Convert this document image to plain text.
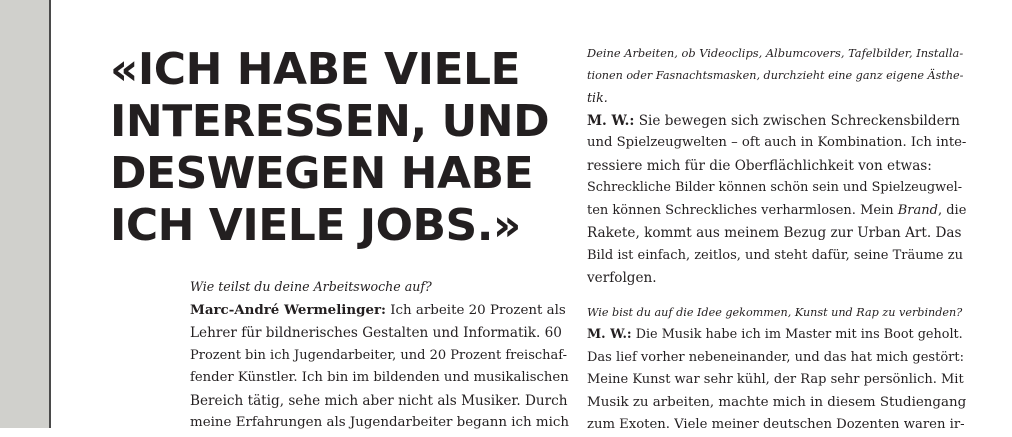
«ICH HABE VIELE
INTERESSEN, UND
DESWEGEN HABE
ICH VIELE JOBS.»
Wie teilst du deine Arbeitswoche auf?
Marc-André Wermelinger: Ich arbeite 20 Prozent als
Lehrer für bildnerisches Gestalten und Informatik. 60
Prozent bin ich Jugendarbeiter, und 20 Prozent freischaf-
fender Künstler. Ich bin im bildenden und musikalischen
Bereich tätig, sehe mich aber nicht als Musiker. Durch
meine Erfahrungen als Jugendarbeiter begann ich mich
Deine Arbeiten, ob Videoclips, Albumcovers, Tafelbilder, Installa-
tionen oder Fasnachtsmasken, durchzieht eine ganz eigene Ästhe-
tik.
M. W.: Sie bewegen sich zwischen Schreckensbildern
und Spielzeugwelten – oft auch in Kombination. Ich inte-
ressiere mich für die Oberflächlichkeit von etwas:
Schreckliche Bilder können schön sein und Spielzeugwel-
ten können Schreckliches verharmlosen. Mein Brand, die
Rakete, kommt aus meinem Bezug zur Urban Art. Das
Bild ist einfach, zeitlos, und steht dafür, seine Träume zu
verfolgen.
Wie bist du auf die Idee gekommen, Kunst und Rap zu verbinden?
M. W.: Die Musik habe ich im Master mit ins Boot geholt.
Das lief vorher nebeneinander, und das hat mich gestört:
Meine Kunst war sehr kühl, der Rap sehr persönlich. Mit
Musik zu arbeiten, machte mich in diesem Studiengang
zum Exoten. Viele meiner deutschen Dozenten waren ir-
